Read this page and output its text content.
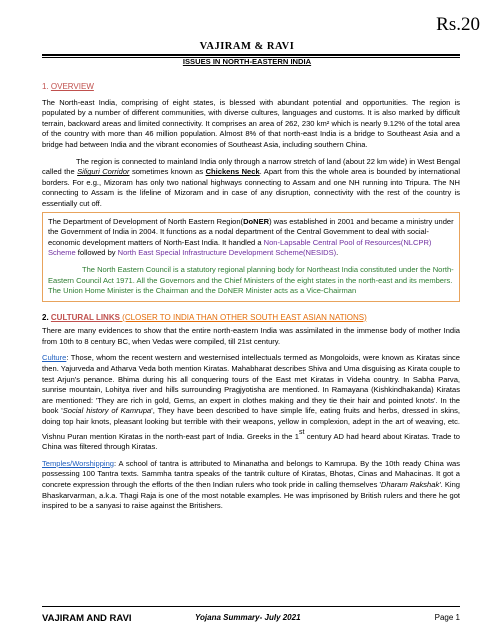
Rs.20
VAJIRAM & RAVI
ISSUES IN NORTH-EASTERN INDIA

1. OVERVIEW

The North-east India, comprising of eight states, is blessed with abundant potential and opportunities. The region is populated by a number of different communities, with diverse cultures, languages and customs. It is also marked by difficult terrain, backward areas and limited connectivity. It comprises an area of 262, 230 km² which is nearly 9.12% of the total area of the country with more than 46 million population. Almost 8% of that north-east India is a bridge to Southeast Asia and a bridge had between India and the vibrant economies of Southeast Asia, including southern China.

The region is connected to mainland India only through a narrow stretch of land (about 22 km wide) in West Bengal called the Siliguri Corridor sometimes known as Chickens Neck. Apart from this the whole area is bounded by international borders. For e.g., Mizoram has only two national highways connecting to Assam and one NH running into Tripura. The NH connecting to Assam is the lifeline of Mizoram and in case of any disruption, connectivity with the rest of the country is essentially cut off.

The Department of Development of North Eastern Region(DoNER) was established in 2001 and became a ministry under the Government of India in 2004. It functions as a nodal department of the Central Government to deal with social-economic development matters of North-East India. It handled a Non-Lapsable Central Pool of Resources(NLCPR) Scheme followed by North East Special Infrastructure Development Scheme(NESIDS).

The North Eastern Council is a statutory regional planning body for Northeast India constituted under the North-Eastern Council Act 1971. All the Governors and the Chief Ministers of the eight states in the north-east and its members. The Union Home Minister is the Chairman and the DoNER Minister acts as a Vice-Chairman

2. CULTURAL LINKS (CLOSER TO INDIA THAN OTHER SOUTH EAST ASIAN NATIONS)

There are many evidences to show that the entire north-eastern India was assimilated in the immense body of mother India from 10th to 8 century BC, when Vedas were compiled, till 21st century.

Culture: Those, whom the recent western and westernised intellectuals termed as Mongoloids, were known as Kiratas since then. Yajurveda and Atharva Veda both mention Kiratas. Mahabharat describes Shiva and Uma disguising as Kirata couple to test Arjun's penance. Bhima during his all conquering tours of the East met Kiratas in Videha country. In Sabha Parva, sunrise mountain, Lohitya river and hills surrounding Pragjyotisha are mentioned. In Ramayana (Kishkindhakanda) Kiratas are mentioned: 'They are rich in gold, Gems, an expert in clothes making and they tie their hair and pointed knots'. In the book 'Social history of Kamrupa', They have been described to have simple life, eating fruits and herbs, dressed in skins, doing top hair knots, pleasant looking but terrible with their weapons, yellow in complexion, adept in the art of weaving, etc. Vishnu Puran mention Kiratas in the north-east part of India. Greeks in the 1st century AD had heard about Kiratas. Trade to China was filtered through Kiratas.

Temples/Worshipping: A school of tantra is attributed to Minanatha and belongs to Kamrupa. By the 10th ready China was possessing 100 Tantra texts. Sammha tantra speaks of the tantrik culture of Kiratas, Bhotas, Cinas and Mahacinas. It got a concrete expression through the efforts of the then Indian rulers who took pride in calling themselves 'Dharam Rakshak'. King Bhaskarvarman, a.k.a. Thagi Raja is one of the most notable examples. He was imprisoned by British rulers and there he got inspired to be a sanyasi to raise against the Britishers.

VAJIRAM AND RAVI	Yojana Summary- July 2021	Page 1
